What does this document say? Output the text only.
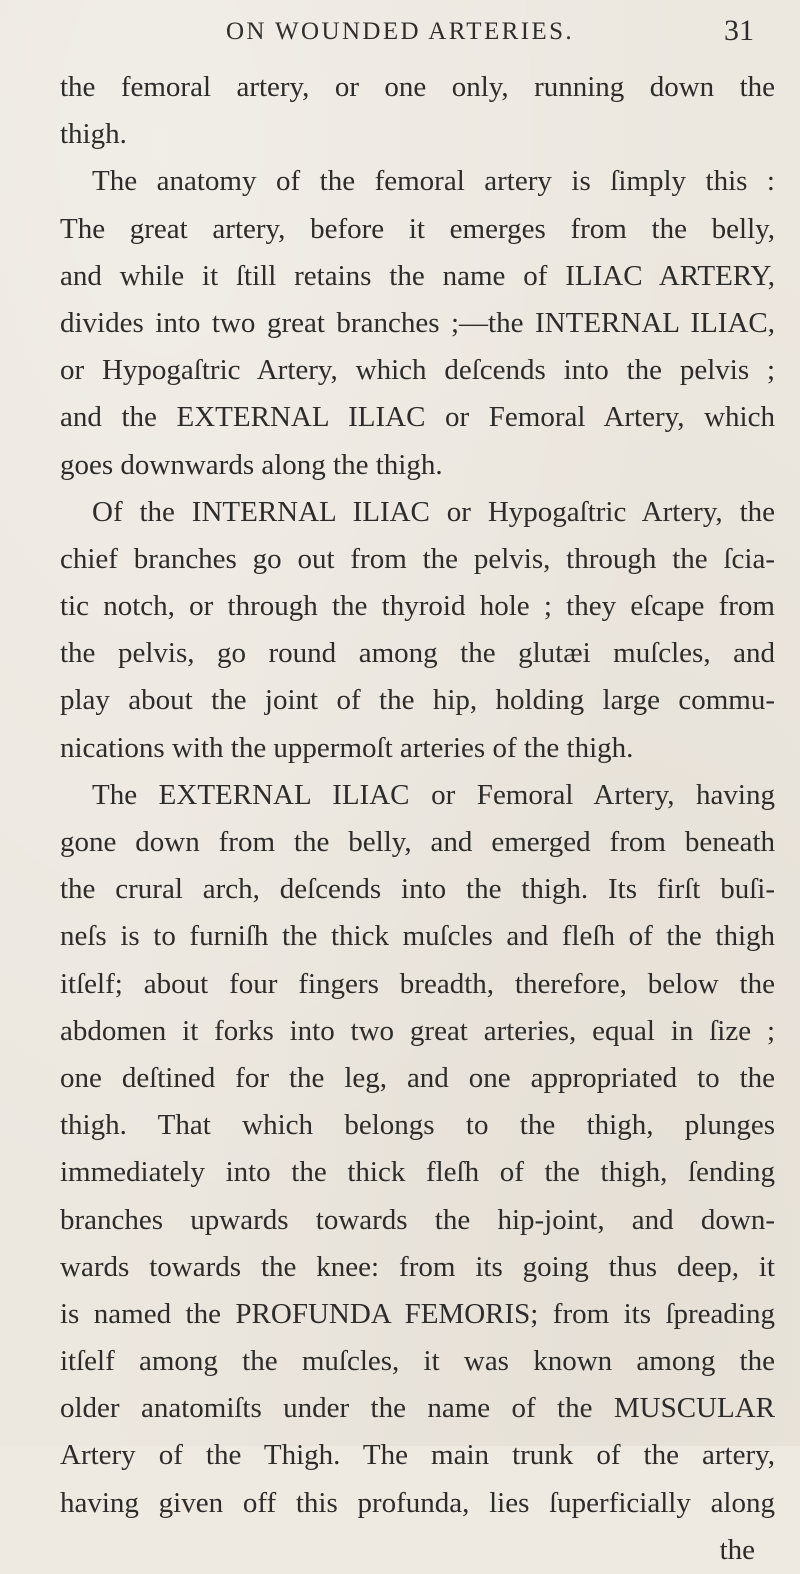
ON WOUNDED ARTERIES.	31
the femoral artery, or one only, running down the
thigh.
The anatomy of the femoral artery is ſimply this :
The great artery, before it emerges from the belly,
and while it ſtill retains the name of ILIAC ARTERY,
divides into two great branches ;—the INTERNAL ILIAC,
or Hypogaſtric Artery, which deſcends into the pelvis ;
and the EXTERNAL ILIAC or Femoral Artery, which
goes downwards along the thigh.
Of the INTERNAL ILIAC or Hypogaſtric Artery, the
chief branches go out from the pelvis, through the ſcia-
tic notch, or through the thyroid hole ; they eſcape from
the pelvis, go round among the glutæi muſcles, and
play about the joint of the hip, holding large commu-
nications with the uppermoſt arteries of the thigh.
The EXTERNAL ILIAC or Femoral Artery, having
gone down from the belly, and emerged from beneath
the crural arch, deſcends into the thigh. Its firſt buſi-
neſs is to furniſh the thick muſcles and fleſh of the thigh
itſelf; about four fingers breadth, therefore, below the
abdomen it forks into two great arteries, equal in ſize ;
one deſtined for the leg, and one appropriated to the
thigh. That which belongs to the thigh, plunges
immediately into the thick fleſh of the thigh, ſending
branches upwards towards the hip-joint, and down-
wards towards the knee: from its going thus deep, it
is named the PROFUNDA FEMORIS; from its ſpreading
itſelf among the muſcles, it was known among the
older anatomiſts under the name of the MUSCULAR
Artery of the Thigh. The main trunk of the artery,
having given off this profunda, lies ſuperficially along
the
